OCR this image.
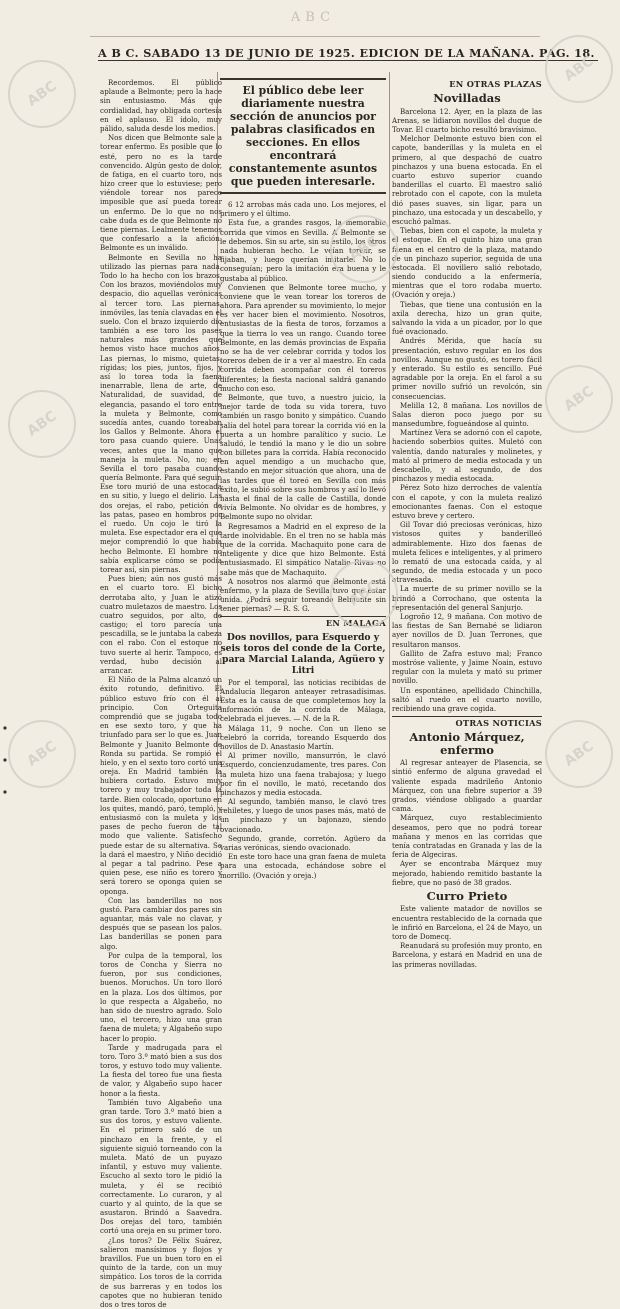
ABC
A B C. SABADO 13 DE JUNIO DE 1925. EDICION DE LA MAÑANA. PAG. 18.

Recordemos. El público aplaude a Belmonte; pero la hace sin entusiasmo. Más que cordialidad, hay obligada cortesía en el aplauso. El ídolo, muy pálido, saluda desde los medios.

Nos dicen que Belmonte sale a torear enfermo. Es posible que lo esté, pero no es la tarde convencido. Algún gesto de dolor, de fatiga, en el cuarto toro, nos hizo creer que lo estuviese; pero viéndole torear nos parece imposible que así pueda torear un enfermo. De lo que no nos cabe duda es de que Belmonte no tiene piernas. Lealmente tenemos que confesarlo a la afición. Belmonte es un inválido.

Belmonte en Sevilla no ha utilizado las piernas para nada. Todo lo ha hecho con los brazos. Con los brazos, moviéndolos muy despacio, dio aquellas verónicas al tercer toro. Las piernas, inmóviles, las tenía clavadas en el suelo. Con el brazo izquierdo dio también a ese toro los pases naturales más grandes que hemos visto hace muchos años. Las piernas, lo mismo, quietas, rígidas; los pies, juntos, fijos, y así lo torea toda la faena inenarrable, llena de arte, de Naturalidad, de suavidad, de elegancia, pasando el toro entre la muleta y Belmonte, como sucedía antes, cuando toreaban los Gallos y Belmonte. Ahora el toro pasa cuando quiere. Unas veces, antes que la mano que maneja la muleta. No, no; en Sevilla el toro pasaba cuando quería Belmonte. Para qué seguir. Ese toro murió de una estocada en su sitio, y luego el delirio. Las dos orejas, el rabo, petición de las patas, paseo en hombros por el ruedo. Un cojo le tiró la muleta. Ese espectador era el que mejor comprendió lo que había hecho Belmonte. El hombre no sabía explicarse cómo se podía torear así, sin piernas.

Pues bien; aún nos gustó más en el cuarto toro. El bicho derrotaba alto, y Juan le atizó cuatro muletazos de maestro. Los cuatro seguidos, por alto, de castigo; el toro parecía una pescadilla, se le juntaba la cabeza con el rabo. Con el estoque no tuvo suerte al herir. Tampoco, es verdad, hubo decisión al arrancar.

El Niño de la Palma alcanzó un éxito rotundo, definitivo. El público estuvo frío con él al principio. Con Orteguita comprendió que se jugaba todo en ese sexto toro, y que ha triunfado para ser lo que es. Juan Belmonte y Juanito Belmonte de Ronda su partida. Se rompió el hielo, y en el sexto toro cortó una oreja. En Madrid también la hubiera cortado. Estuvo muy torero y muy trabajador toda la tarde. Bien colocado, oportuno en los quites, mandó, paró, templó, y entusiasmó con la muleta y los pases de pecho fueron de tal modo que valiente. Satisfecho puede estar de su alternativa. Se la dará el maestro, y Niño decidió al pegar a tal padrino. Pese a quien pese, ese niño es torero y será torero se oponga quien se oponga.

Con las banderillas no nos gustó. Para cambiar dos pares sin aguantar, más vale no clavar, y después que se pasean los palos. Las banderillas se ponen para algo.

Por culpa de la temporal, los toros de Concha y Sierra no fueron, por sus condiciones, buenos. Moruchos. Un toro lloró en la plaza. Los dos últimos, por lo que respecta a Algabeño, no han sido de nuestro agrado. Solo uno, el tercero, hizo una gran faena de muleta; y Algabeño supo hacer lo propio.

Tarde y madrugada para el toro. Toro 3.º mató bien a sus dos toros, y estuvo todo muy valiente. La fiesta del toreo fue una fiesta de valor, y Algabeño supo hacer honor a la fiesta.

También tuvo Algabeño una gran tarde. Toro 3.º mató bien a sus dos toros, y estuvo valiente. En el primero saló de un pinchazo en la frente, y el siguiente siguió torneando con la muleta. Mató de un puyazo infantil, y estuvo muy valiente. Escucho al sexto toro le pidió la muleta, y él se recibió correctamente. Lo curaron, y al cuarto y al quinto, de la que se asustaron. Brindó a Saavedra. Dos orejas del toro, también cortó una oreja en su primer toro.

¿Los toros? De Félix Suárez, salieron mansísimos y flojos y bravillos. Fue un buen toro en el quinto de la tarde, con un muy simpático. Los toros de la corrida de sus barreras y en todos los capotes que no hubieran tenido dos o tres toros de

El público debe leer diariamente nuestra sección de anuncios por palabras clasificados en secciones. En ellos encontrará constantemente asuntos que pueden interesarle.

6 12 arrobas más cada uno. Los mejores, el primero y el último.

Esta fue, a grandes rasgos, la memorable corrida que vimos en Sevilla. A Belmonte se le debemos. Sin su arte, sin su estilo, los otros nada hubieran hecho. Le veían torear, se fijaban, y luego querían imitarle. No lo conseguían; pero la imitación era buena y le gustaba al público.

Convienen que Belmonte toree mucho, y conviene que le vean torear los toreros de ahora. Para aprender su movimiento, lo mejor es ver hacer bien el movimiento. Nosotros, entusiastas de la fiesta de toros, forzamos a que la tierra lo vea un rango. Cuando toree Belmonte, en las demás provincias de España no se ha de ver celebrar corrida y todos los toreros deben de ir a ver al maestro. En cada corrida deben acompañar con él toreros diferentes; la fiesta nacional saldrá ganando mucho con eso.

Belmonte, que tuvo, a nuestro juicio, la mejor tarde de toda su vida torera, tuvo también un rasgo bonito y simpático. Cuando salía del hotel para torear la corrida vió en la puerta a un hombre paralítico y sucio. Le saludó, le tendió la mano y le dio un sobre con billetes para la corrida. Había reconocido en aquel mendigo a un muchacho que, estando en mejor situación que ahora, una de las tardes que él toreó en Sevilla con más éxito, le subió sobre sus hombros y así lo llevó hasta el final de la calle de Castilla, donde vivía Belmonte. No olvidar es de hombres, y Belmonte supo no olvidar.

Regresamos a Madrid en el expreso de la tarde inolvidable. En el tren no se habla más que de la corrida. Machaquito pone cara de inteligente y dice que hizo Belmonte. Está entusiasmado. El simpático Natalio Rivas no sabe más que de Machaquito.

A nosotros nos alarmó que Belmonte está enfermo, y la plaza de Sevilla tuvo que estar unida. ¿Podrá seguir toreando Belmonte sin tener piernas? — R. S. G.

EN MALAGA
Dos novillos, para Esquerdo y seis toros del conde de la Corte, para Marcial Lalanda, Agüero y Litri

Por el temporal, las noticias recibidas de Andalucía llegaron anteayer retrasadísimas. Esta es la causa de que completemos hoy la información de la corrida de Málaga, celebrada el jueves. — N. de la R.

Málaga 11, 9 noche. Con un lleno se celebró la corrida, toreando Esquerdo dos novillos de D. Anastasio Martín.

Al primer novillo, mansurrón, le clavó Esquerdo, concienzudamente, tres pares. Con la muleta hizo una faena trabajosa; y luego por fin el novillo, le mató, recetando dos pinchazos y media estocada.

Al segundo, también manso, le clavó tres rehiletes, y luego de unos pases más, mató de un pinchazo y un bajonazo, siendo ovacionado.

Segundo, grande, corretón. Agüero da varias verónicas, siendo ovacionado.

En este toro hace una gran faena de muleta para una estocada, echándose sobre el morrillo. (Ovación y oreja.)

EN OTRAS PLAZAS
Novilladas

Barcelona 12. Ayer, en la plaza de las Arenas, se lidiaron novillos del duque de Tovar. El cuarto bicho resultó bravísimo.

Melchor Delmonte estuvo bien con el capote, banderillas y la muleta en el primero, al que despachó de cuatro pinchazos y una buena estocada. En el cuarto estuvo superior cuando banderillas el cuarto. El maestro salió rebrotado con el capote, con la muleta dió pases suaves, sin ligar, para un pinchazo, una estocada y un descabello, y escuchó palmas.

Tiebas, bien con el capote, la muleta y el estoque. En el quinto hizo una gran faena en el centro de la plaza, matando de un pinchazo superior, seguida de una estocada. El novillero salió rebotado, siendo conducido a la enfermería, mientras que el toro rodaba muerto. (Ovación y oreja.)

Tiebas, que tiene una contusión en la axila derecha, hizo un gran quite, salvando la vida a un picador, por lo que fué ovacionado.

Andrés Mérida, que hacía su presentación, estuvo regular en los dos novillos. Aunque no gustó, es torero fácil y enterado. Su estilo es sencillo. Fué agradable por la oreja. En el farol a su primer novillo sufrió un revolcón, sin consecuencias.

Melilla 12, 8 mañana. Los novillos de Salas dieron poco juego por su mansedumbre, fogueándose al quinto.

Martínez Vera se adornó con el capote, haciendo soberbios quites. Muletó con valentía, dando naturales y molinetes, y mató al primero de media estocada y un descabello, y al segundo, de dos pinchazos y media estocada.

Pérez Soto hizo derroches de valentía con el capote, y con la muleta realizó emocionantes faenas. Con el estoque estuvo breve y certero.

Gil Tovar dió preciosas verónicas, hizo vistosos quites y banderilleó admirablemente. Hizo dos faenas de muleta felices e inteligentes, y al primero lo remató de una estocada caída, y al segundo, de media estocada y un poco atravesada.

La muerte de su primer novillo se la brindó a Corrochano, que ostenta la representación del general Sanjurjo.

Logroño 12, 9 mañana. Con motivo de las fiestas de San Bernabé se lidiaron ayer novillos de D. Juan Terrones, que resultaron mansos.

Gallito de Zafra estuvo mal; Franco mostróse valiente, y Jaime Noain, estuvo regular con la muleta y mató su primer novillo.

Un espontáneo, apellidado Chinchilla, saltó al ruedo en el cuarto novillo, recibiendo una grave cogida.

OTRAS NOTICIAS
Antonio Márquez, enfermo

Al regresar anteayer de Plasencia, se sintió enfermo de alguna gravedad el valiente espada madrileño Antonio Márquez, con una fiebre superior a 39 grados, viéndose obligado a guardar cama.

Márquez, cuyo restablecimiento deseamos, pero que no podrá torear mañana y menos en las corridas que tenía contratadas en Granada y las de la feria de Algeciras.

Ayer se encontraba Márquez muy mejorado, habiendo remitido bastante la fiebre, que no pasó de 38 grados.

Curro Prieto

Este valiente matador de novillos se encuentra restablecido de la cornada que le infirió en Barcelona, el 24 de Mayo, un toro de Domecq.

Reanudará su profesión muy pronto, en Barcelona, y estará en Madrid en una de las primeras novilladas.

ABC
ABC
ABC
ABC
ABC
ABC
ABC
ABC
